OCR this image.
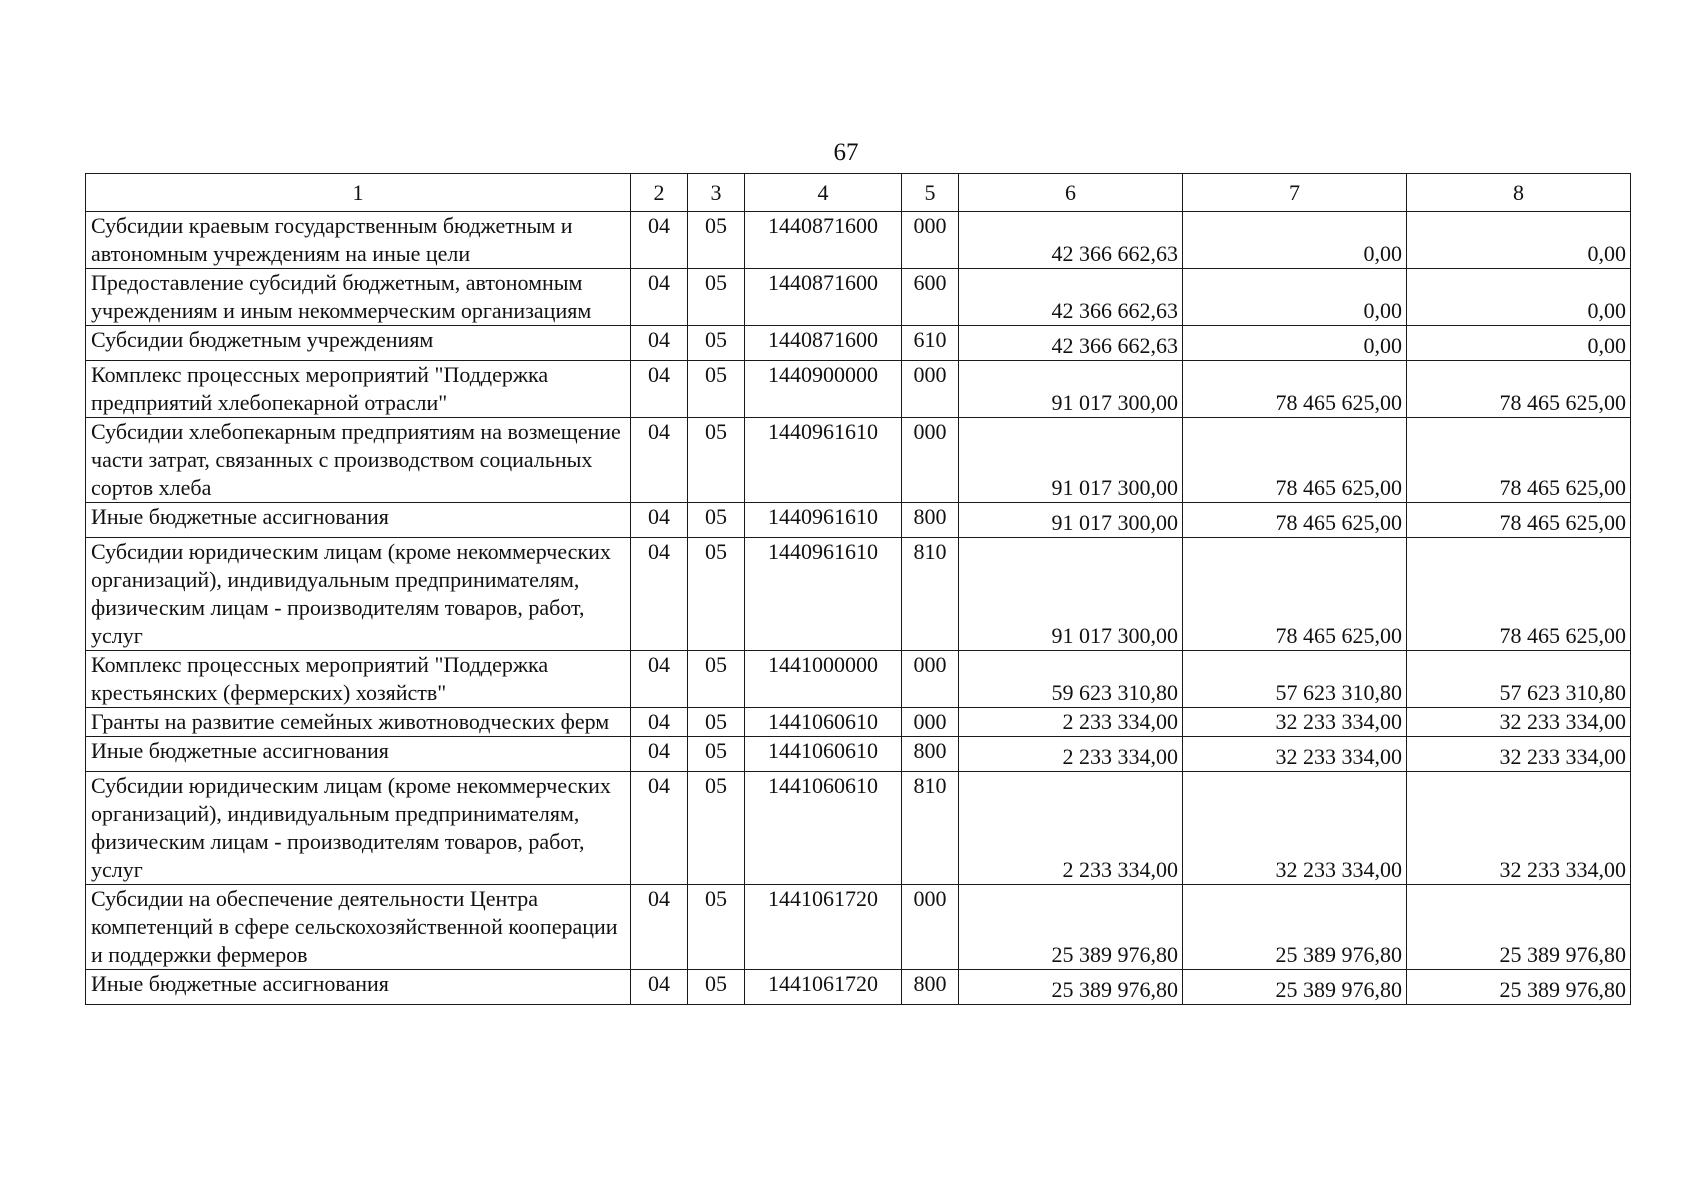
67
1	2	3	4	5	6	7	8
Субсидии краевым государственным бюджетным и автономным учреждениям на иные цели	04	05	1440871600	000	42 366 662,63	0,00	0,00
Предоставление субсидий бюджетным, автономным учреждениям и иным некоммерческим организациям	04	05	1440871600	600	42 366 662,63	0,00	0,00
Субсидии бюджетным учреждениям	04	05	1440871600	610	42 366 662,63	0,00	0,00
Комплекс процессных мероприятий "Поддержка предприятий хлебопекарной отрасли"	04	05	1440900000	000	91 017 300,00	78 465 625,00	78 465 625,00
Субсидии хлебопекарным предприятиям на возмещение части затрат, связанных с производством социальных сортов хлеба	04	05	1440961610	000	91 017 300,00	78 465 625,00	78 465 625,00
Иные бюджетные ассигнования	04	05	1440961610	800	91 017 300,00	78 465 625,00	78 465 625,00
Субсидии юридическим лицам (кроме некоммерческих организаций), индивидуальным предпринимателям, физическим лицам - производителям товаров, работ, услуг	04	05	1440961610	810	91 017 300,00	78 465 625,00	78 465 625,00
Комплекс процессных мероприятий "Поддержка крестьянских (фермерских) хозяйств"	04	05	1441000000	000	59 623 310,80	57 623 310,80	57 623 310,80
Гранты на развитие семейных животноводческих ферм	04	05	1441060610	000	2 233 334,00	32 233 334,00	32 233 334,00
Иные бюджетные ассигнования	04	05	1441060610	800	2 233 334,00	32 233 334,00	32 233 334,00
Субсидии юридическим лицам (кроме некоммерческих организаций), индивидуальным предпринимателям, физическим лицам - производителям товаров, работ, услуг	04	05	1441060610	810	2 233 334,00	32 233 334,00	32 233 334,00
Субсидии на обеспечение деятельности Центра компетенций в сфере сельскохозяйственной кооперации и поддержки фермеров	04	05	1441061720	000	25 389 976,80	25 389 976,80	25 389 976,80
Иные бюджетные ассигнования	04	05	1441061720	800	25 389 976,80	25 389 976,80	25 389 976,80
